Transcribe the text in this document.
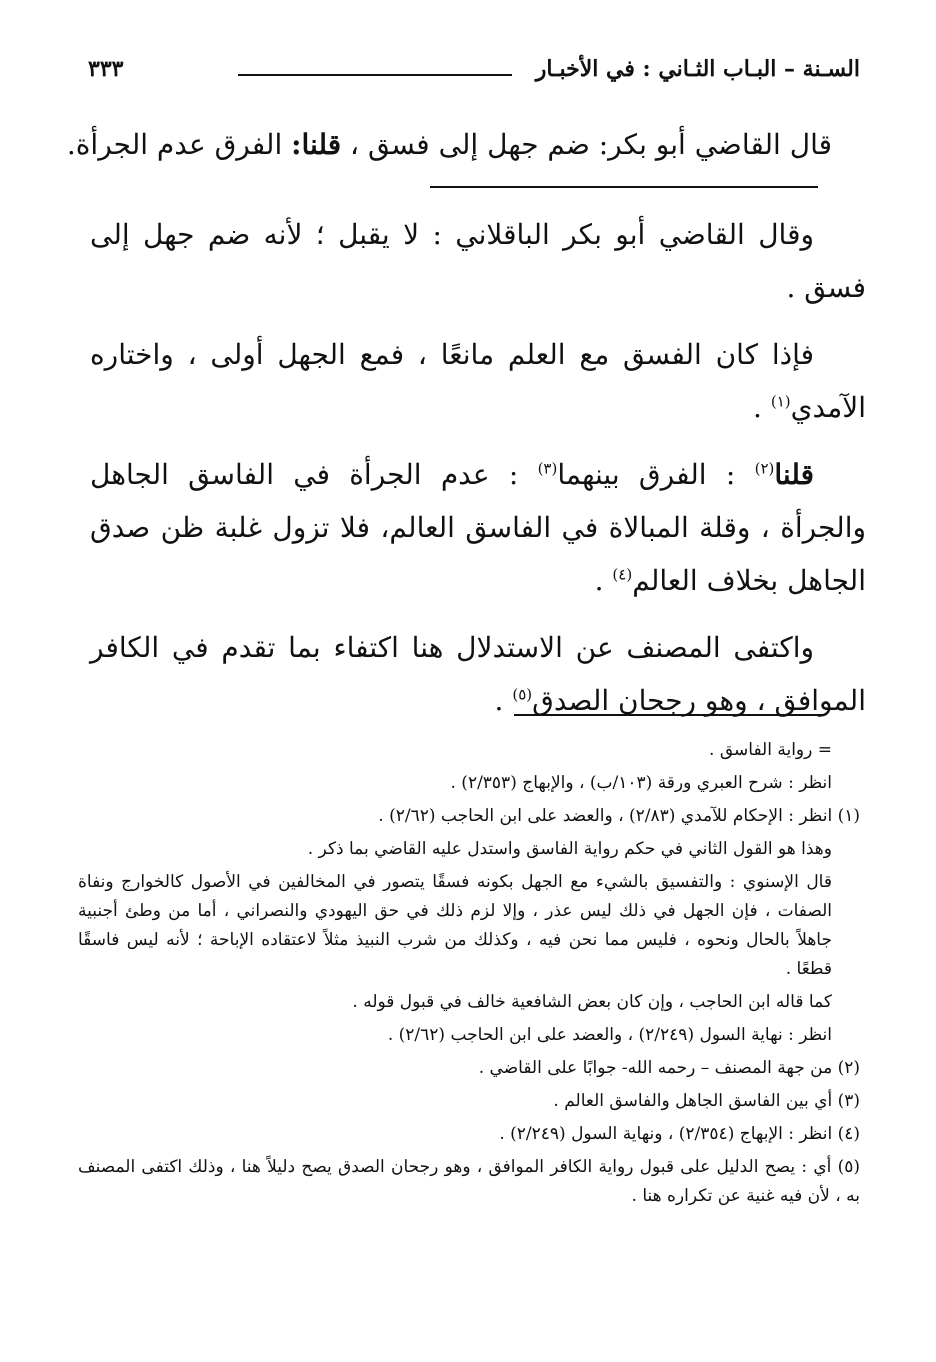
السـنة – البـاب الثـاني : في الأخبـار
٣٣٣
قال القاضي أبو بكر: ضم جهل إلى فسق ، قلنا: الفرق عدم الجرأة.

وقال القاضي أبو بكر الباقلاني : لا يقبل ؛ لأنه ضم جهل إلى فسق .

فإذا كان الفسق مع العلم مانعًا ، فمع الجهل أولى ، واختاره الآمدي$^{(١)}$ .

قلنا$^{(٢)}$ : الفرق بينهما$^{(٣)}$ : عدم الجرأة في الفاسق الجاهل والجرأة ، وقلة المبالاة في الفاسق العالم، فلا تزول غلبة ظن صدق الجاهل بخلاف العالم$^{(٤)}$ .

واكتفى المصنف عن الاستدلال هنا اكتفاء بما تقدم في الكافر الموافق ، وهو رجحان الصدق$^{(٥)}$ .

= رواية الفاسق .
انظر : شرح العبري ورقة (١٠٣/ب) ، والإبهاج (٢/٣٥٣) .
(١) انظر : الإحكام للآمدي (٢/٨٣) ، والعضد على ابن الحاجب (٢/٦٢) .
وهذا هو القول الثاني في حكم رواية الفاسق واستدل عليه القاضي بما ذكر .
قال الإسنوي : والتفسيق بالشيء مع الجهل بكونه فسقًا يتصور في المخالفين في الأصول كالخوارج ونفاة الصفات ، فإن الجهل في ذلك ليس عذر ، وإلا لزم ذلك في حق اليهودي والنصراني ، أما من وطئ أجنبية جاهلاً بالحال ونحوه ، فليس مما نحن فيه ، وكذلك من شرب النبيذ مثلاً لاعتقاده الإباحة ؛ لأنه ليس فاسقًا قطعًا .
كما قاله ابن الحاجب ، وإن كان بعض الشافعية خالف في قبول قوله .
انظر : نهاية السول (٢/٢٤٩) ، والعضد على ابن الحاجب (٢/٦٢) .
(٢) من جهة المصنف – رحمه الله- جوابًا على القاضي .
(٣) أي بين الفاسق الجاهل والفاسق العالم .
(٤) انظر : الإبهاج (٢/٣٥٤) ، ونهاية السول (٢/٢٤٩) .
(٥) أي : يصح الدليل على قبول رواية الكافر الموافق ، وهو رجحان الصدق يصح دليلاً هنا ، وذلك اكتفى المصنف به ، لأن فيه غنية عن تكراره هنا .
